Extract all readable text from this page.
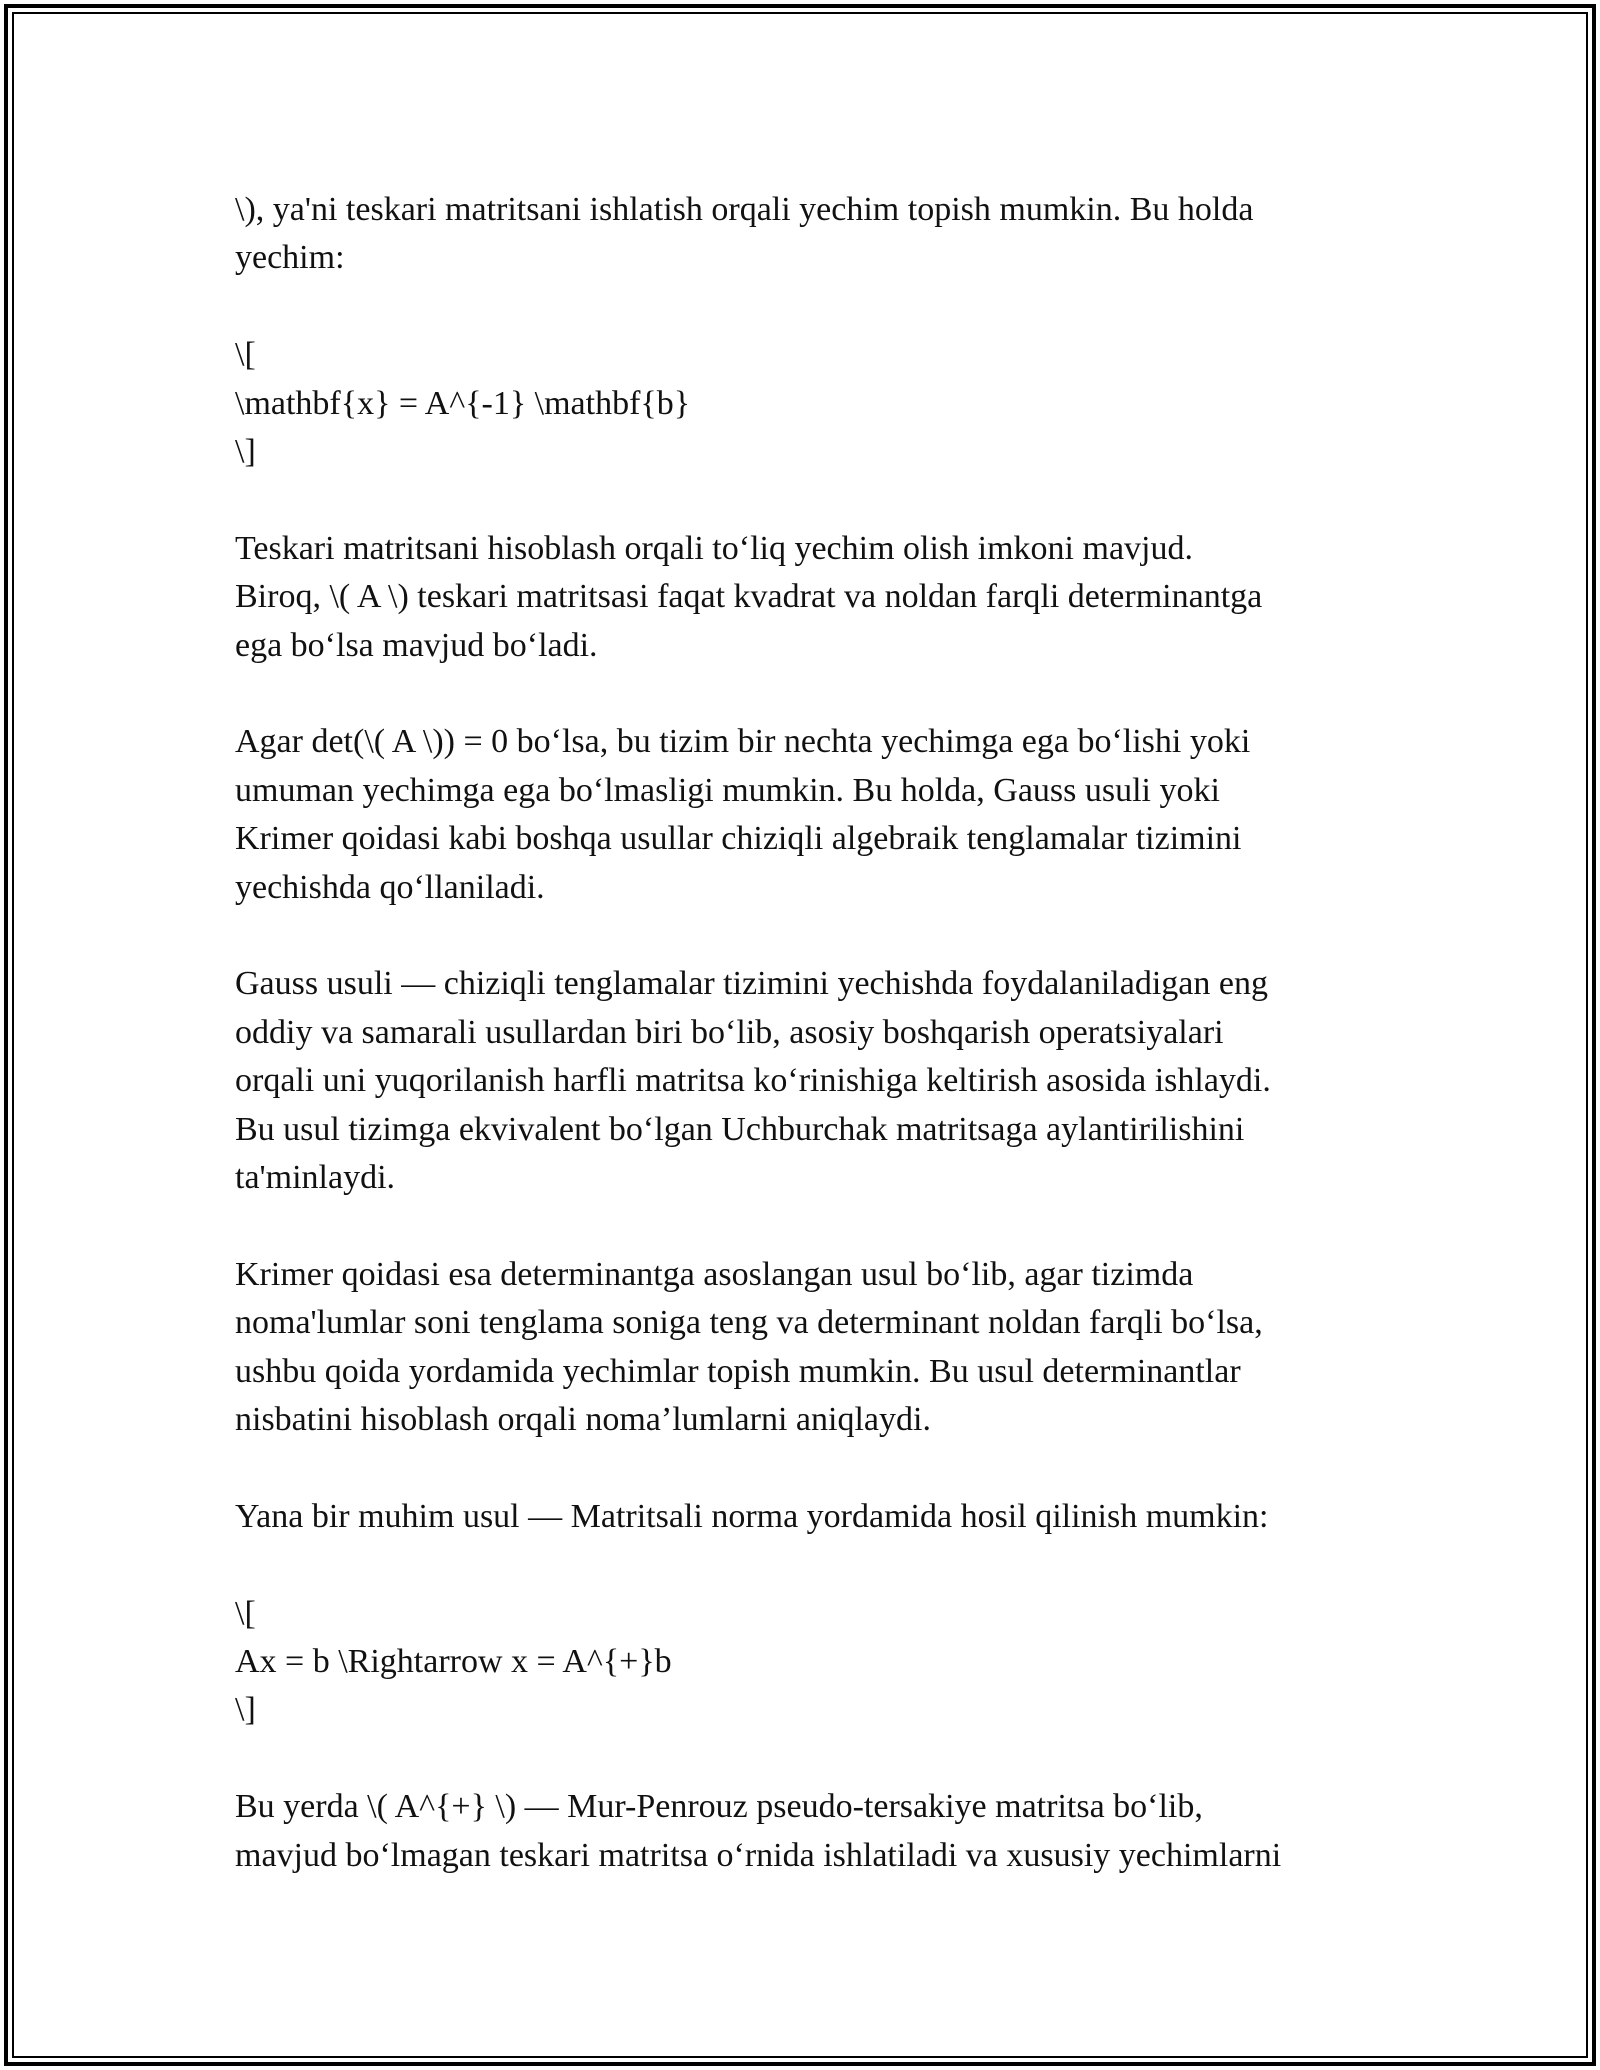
\), ya'ni teskari matritsani ishlatish orqali yechim topish mumkin. Bu holda
yechim:
\[
\mathbf{x} = A^{-1} \mathbf{b}
\]
Teskari matritsani hisoblash orqali to‘liq yechim olish imkoni mavjud.
Biroq, \( A \) teskari matritsasi faqat kvadrat va noldan farqli determinantga
ega bo‘lsa mavjud bo‘ladi.
Agar det(\( A \)) = 0 bo‘lsa, bu tizim bir nechta yechimga ega bo‘lishi yoki
umuman yechimga ega bo‘lmasligi mumkin. Bu holda, Gauss usuli yoki
Krimer qoidasi kabi boshqa usullar chiziqli algebraik tenglamalar tizimini
yechishda qo‘llaniladi.
Gauss usuli — chiziqli tenglamalar tizimini yechishda foydalaniladigan eng
oddiy va samarali usullardan biri bo‘lib, asosiy boshqarish operatsiyalari
orqali uni yuqorilanish harfli matritsa ko‘rinishiga keltirish asosida ishlaydi.
Bu usul tizimga ekvivalent bo‘lgan Uchburchak matritsaga aylantirilishini
ta'minlaydi.
Krimer qoidasi esa determinantga asoslangan usul bo‘lib, agar tizimda
noma'lumlar soni tenglama soniga teng va determinant noldan farqli bo‘lsa,
ushbu qoida yordamida yechimlar topish mumkin. Bu usul determinantlar
nisbatini hisoblash orqali noma’lumlarni aniqlaydi.
Yana bir muhim usul — Matritsali norma yordamida hosil qilinish mumkin:
\[
Ax = b \Rightarrow x = A^{+}b
\]
Bu yerda \( A^{+} \) — Mur-Penrouz pseudo-tersakiye matritsa bo‘lib,
mavjud bo‘lmagan teskari matritsa o‘rnida ishlatiladi va xususiy yechimlarni
